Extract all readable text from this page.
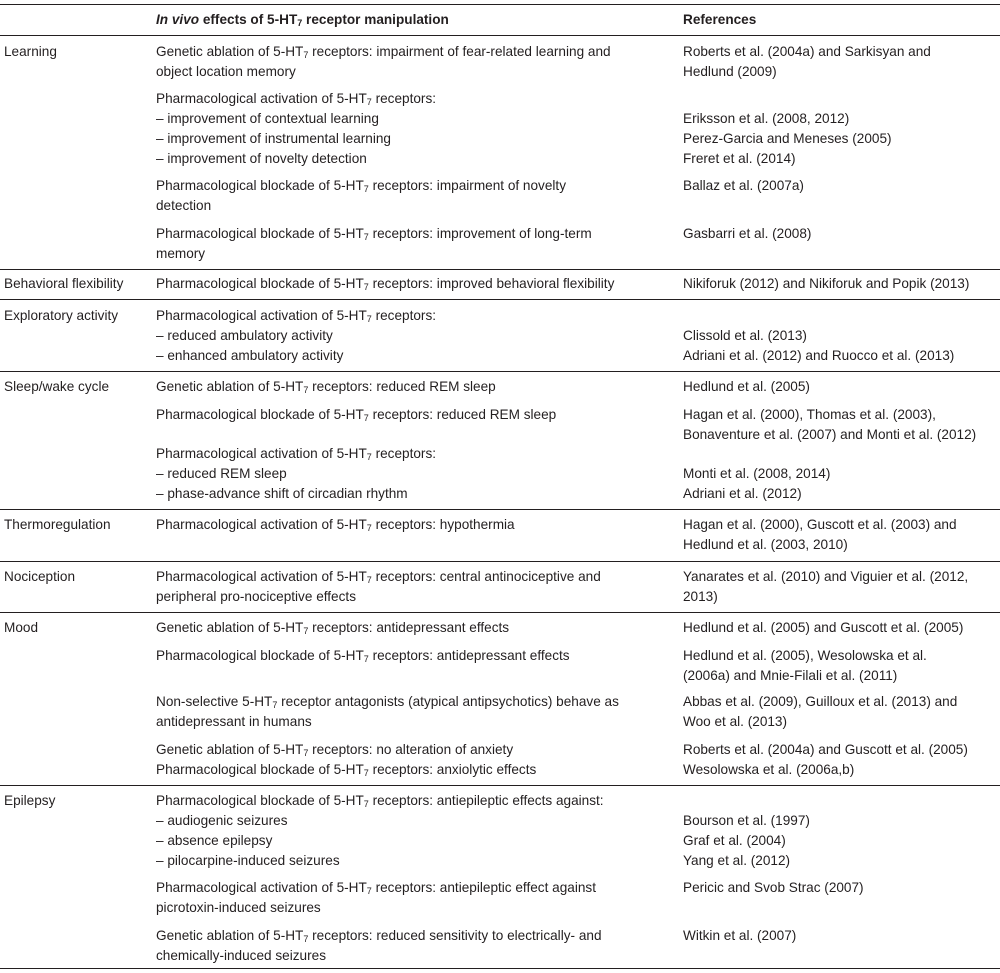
In vivo effects of $5-HT_7$ receptor manipulation	References
Learning
Behavioral flexibility
Exploratory activity
Sleep/wake cycle
Thermoregulation
Nociception
Mood
Epilepsy
Genetic ablation of $5-HT_7$ receptors: impairment of fear-related learning and
object location memory
Pharmacological activation of $5-HT_7$ receptors:
– improvement of contextual learning
– improvement of instrumental learning
– improvement of novelty detection
Pharmacological blockade of $5-HT_7$ receptors: impairment of novelty
detection
Pharmacological blockade of $5-HT_7$ receptors: improvement of long-term
memory
Pharmacological blockade of $5-HT_7$ receptors: improved behavioral flexibility
Pharmacological activation of $5-HT_7$ receptors:
– reduced ambulatory activity
– enhanced ambulatory activity
Genetic ablation of $5-HT_7$ receptors: reduced REM sleep
Pharmacological blockade of $5-HT_7$ receptors: reduced REM sleep
Pharmacological activation of $5-HT_7$ receptors:
– reduced REM sleep
– phase-advance shift of circadian rhythm
Pharmacological activation of $5-HT_7$ receptors: hypothermia
Pharmacological activation of $5-HT_7$ receptors: central antinociceptive and
peripheral pro-nociceptive effects
Genetic ablation of $5-HT_7$ receptors: antidepressant effects
Pharmacological blockade of $5-HT_7$ receptors: antidepressant effects
Non-selective $5-HT_7$ receptor antagonists (atypical antipsychotics) behave as
antidepressant in humans
Genetic ablation of $5-HT_7$ receptors: no alteration of anxiety
Pharmacological blockade of $5-HT_7$ receptors: anxiolytic effects
Pharmacological blockade of $5-HT_7$ receptors: antiepileptic effects against:
– audiogenic seizures
– absence epilepsy
– pilocarpine-induced seizures
Pharmacological activation of $5-HT_7$ receptors: antiepileptic effect against
picrotoxin-induced seizures
Genetic ablation of $5-HT_7$ receptors: reduced sensitivity to electrically- and
chemically-induced seizures
Roberts et al. (2004a) and Sarkisyan and
Hedlund (2009)
Eriksson et al. (2008, 2012)
Perez-Garcia and Meneses (2005)
Freret et al. (2014)
Ballaz et al. (2007a)
Gasbarri et al. (2008)
Nikiforuk (2012) and Nikiforuk and Popik (2013)
Clissold et al. (2013)
Adriani et al. (2012) and Ruocco et al. (2013)
Hedlund et al. (2005)
Hagan et al. (2000), Thomas et al. (2003),
Bonaventure et al. (2007) and Monti et al. (2012)
Monti et al. (2008, 2014)
Adriani et al. (2012)
Hagan et al. (2000), Guscott et al. (2003) and
Hedlund et al. (2003, 2010)
Yanarates et al. (2010) and Viguier et al. (2012,
2013)
Hedlund et al. (2005) and Guscott et al. (2005)
Hedlund et al. (2005), Wesolowska et al.
(2006a) and Mnie-Filali et al. (2011)
Abbas et al. (2009), Guilloux et al. (2013) and
Woo et al. (2013)
Roberts et al. (2004a) and Guscott et al. (2005)
Wesolowska et al. (2006a,b)
Bourson et al. (1997)
Graf et al. (2004)
Yang et al. (2012)
Pericic and Svob Strac (2007)
Witkin et al. (2007)
